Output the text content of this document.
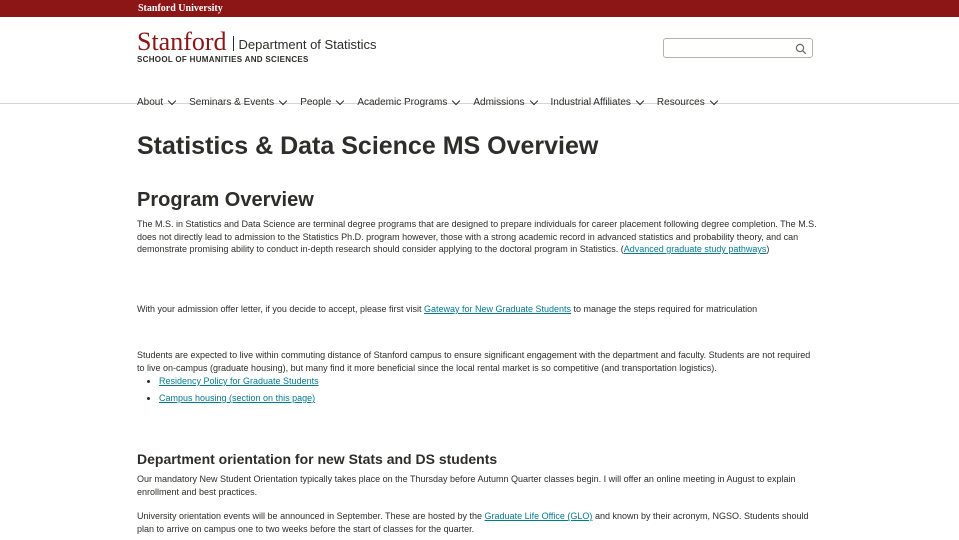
Stanford University
Stanford Department of Statistics
SCHOOL OF HUMANITIES AND SCIENCES
About	Seminars & Events	People	Academic Programs	Admissions	Industrial Affiliates	Resources
Statistics & Data Science MS Overview
Program Overview

The M.S. in Statistics and Data Science are terminal degree programs that are designed to prepare individuals for career placement following degree completion. The M.S. does not directly lead to admission to the Statistics Ph.D. program however, those with a strong academic record in advanced statistics and probability theory, and can demonstrate promising ability to conduct in-depth research should consider applying to the doctoral program in Statistics. (Advanced graduate study pathways)

With your admission offer letter, if you decide to accept, please first visit Gateway for New Graduate Students to manage the steps required for matriculation

Students are expected to live within commuting distance of Stanford campus to ensure significant engagement with the department and faculty. Students are not required to live on-campus (graduate housing), but many find it more beneficial since the local rental market is so competitive (and transportation logistics).

• Residency Policy for Graduate Students
• Campus housing (section on this page)
Department orientation for new Stats and DS students

Our mandatory New Student Orientation typically takes place on the Thursday before Autumn Quarter classes begin. I will offer an online meeting in August to explain enrollment and best practices.

University orientation events will be announced in September. These are hosted by the Graduate Life Office (GLO) and known by their acronym, NGSO. Students should plan to arrive on campus one to two weeks before the start of classes for the quarter.
